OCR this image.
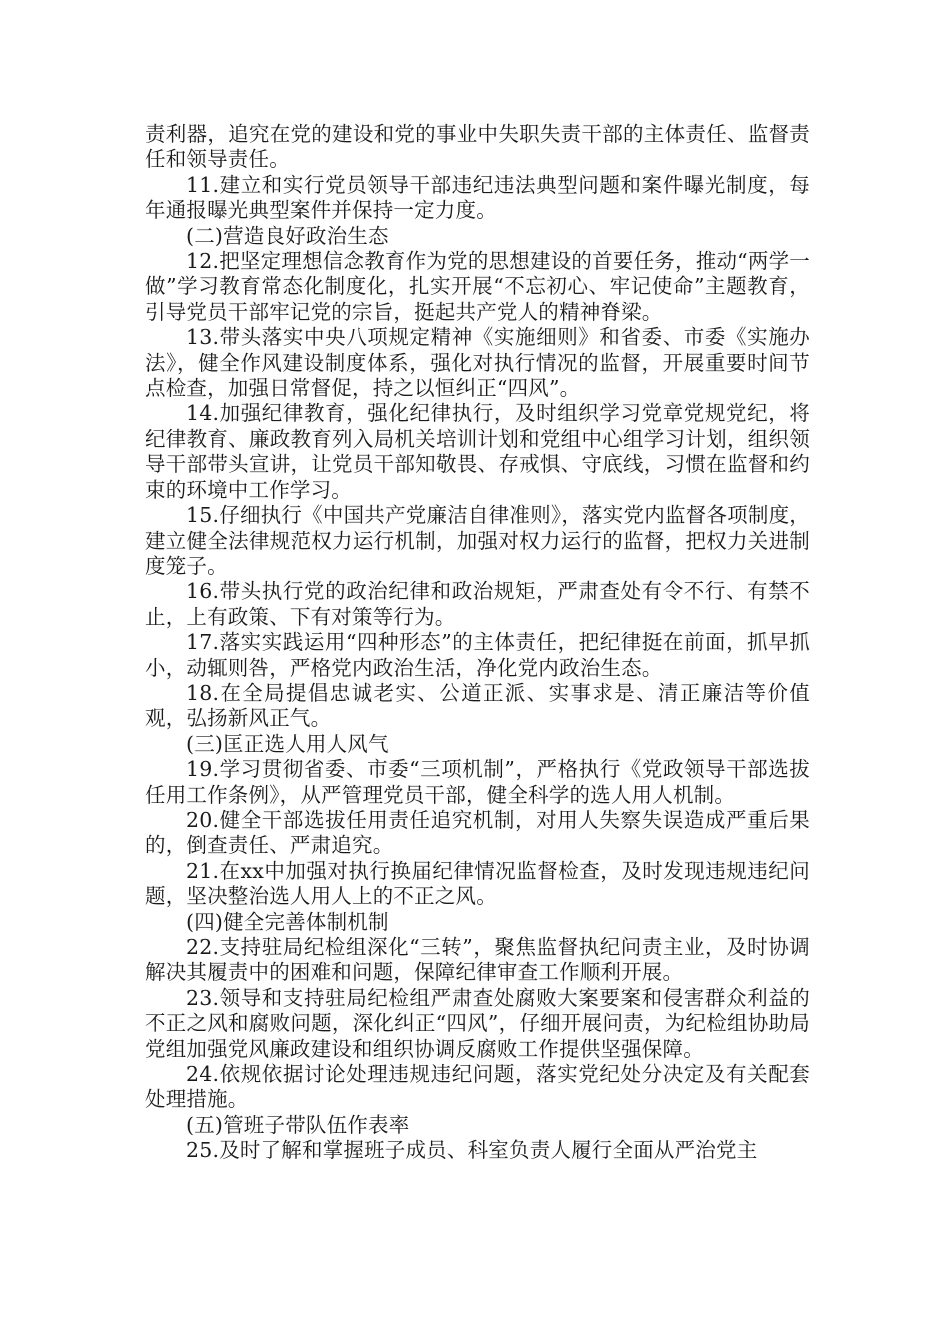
责利器，追究在党的建设和党的事业中失职失责干部的主体责任、监督责任和领导责任。

11.建立和实行党员领导干部违纪违法典型问题和案件曝光制度，每年通报曝光典型案件并保持一定力度。

(二)营造良好政治生态

12.把坚定理想信念教育作为党的思想建设的首要任务，推动“两学一做”学习教育常态化制度化，扎实开展“不忘初心、牢记使命”主题教育，引导党员干部牢记党的宗旨，挺起共产党人的精神脊梁。

13.带头落实中央八项规定精神《实施细则》和省委、市委《实施办法》，健全作风建设制度体系，强化对执行情况的监督，开展重要时间节点检查，加强日常督促，持之以恒纠正“四风”。

14.加强纪律教育，强化纪律执行，及时组织学习党章党规党纪，将纪律教育、廉政教育列入局机关培训计划和党组中心组学习计划，组织领导干部带头宣讲，让党员干部知敬畏、存戒惧、守底线，习惯在监督和约束的环境中工作学习。

15.仔细执行《中国共产党廉洁自律准则》，落实党内监督各项制度，建立健全法律规范权力运行机制，加强对权力运行的监督，把权力关进制度笼子。

16.带头执行党的政治纪律和政治规矩，严肃查处有令不行、有禁不止，上有政策、下有对策等行为。

17.落实实践运用“四种形态”的主体责任，把纪律挺在前面，抓早抓小，动辄则咎，严格党内政治生活，净化党内政治生态。

18.在全局提倡忠诚老实、公道正派、实事求是、清正廉洁等价值观，弘扬新风正气。

(三)匡正选人用人风气

19.学习贯彻省委、市委“三项机制”，严格执行《党政领导干部选拔任用工作条例》，从严管理党员干部，健全科学的选人用人机制。

20.健全干部选拔任用责任追究机制，对用人失察失误造成严重后果的，倒查责任、严肃追究。

21.在xx中加强对执行换届纪律情况监督检查，及时发现违规违纪问题，坚决整治选人用人上的不正之风。

(四)健全完善体制机制

22.支持驻局纪检组深化“三转”，聚焦监督执纪问责主业，及时协调解决其履责中的困难和问题，保障纪律审查工作顺利开展。

23.领导和支持驻局纪检组严肃查处腐败大案要案和侵害群众利益的不正之风和腐败问题，深化纠正“四风”，仔细开展问责，为纪检组协助局党组加强党风廉政建设和组织协调反腐败工作提供坚强保障。

24.依规依据讨论处理违规违纪问题，落实党纪处分决定及有关配套处理措施。

(五)管班子带队伍作表率

25.及时了解和掌握班子成员、科室负责人履行全面从严治党主
